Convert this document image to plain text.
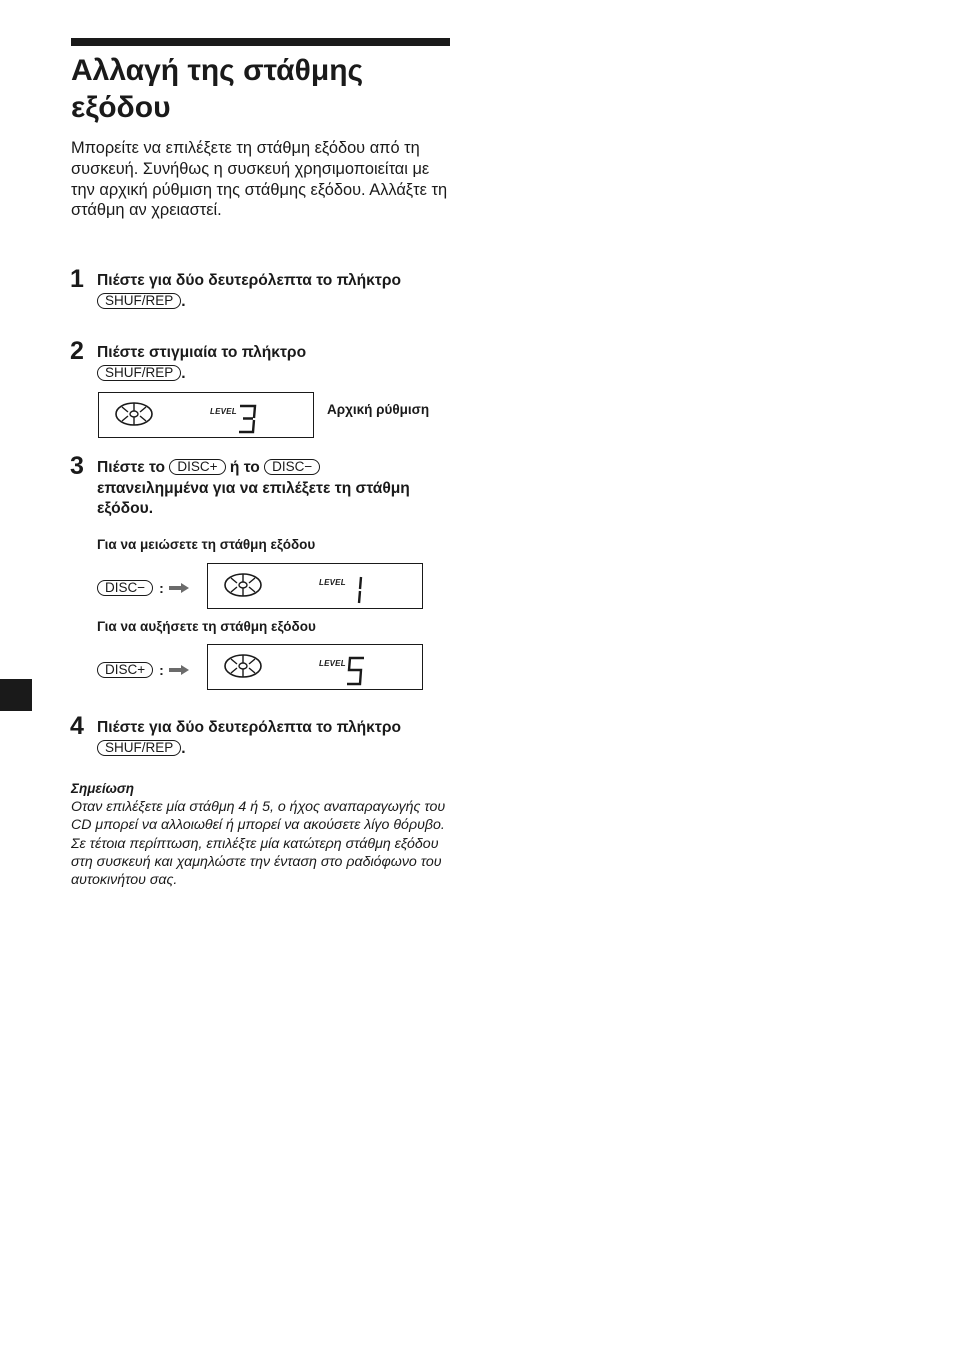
Αλλαγή της στάθμης εξόδου
Μπορείτε να επιλέξετε τη στάθμη εξόδου από τη συσκευή. Συνήθως η συσκευή χρησιμοποιείται με την αρχική ρύθμιση της στάθμης εξόδου. Αλλάξτε τη στάθμη αν χρειαστεί.
1 Πιέστε για δύο δευτερόλεπτα το πλήκτρο SHUF/REP .
2 Πιέστε στιγμιαία το πλήκτρο
SHUF/REP .
LEVEL	Αρχική ρύθμιση
3 Πιέστε το DISC+ ή το DISC− επανειλημμένα για να επιλέξετε τη στάθμη εξόδου.
Για να μειώσετε τη στάθμη εξόδου
DISC−	:	LEVEL
Για να αυξήσετε τη στάθμη εξόδου
DISC+	:	LEVEL
4 Πιέστε για δύο δευτερόλεπτα το πλήκτρο SHUF/REP .
Σημείωση
Οταν επιλέξετε μία στάθμη 4 ή 5, ο ήχος αναπαραγωγής του CD μπορεί να αλλοιωθεί ή μπορεί να ακούσετε λίγο θόρυβο. Σε τέτοια περίπτωση, επιλέξτε μία κατώτερη στάθμη εξόδου στη συσκευή και χαμηλώστε την ένταση στο ραδιόφωνο του αυτοκινήτου σας.
